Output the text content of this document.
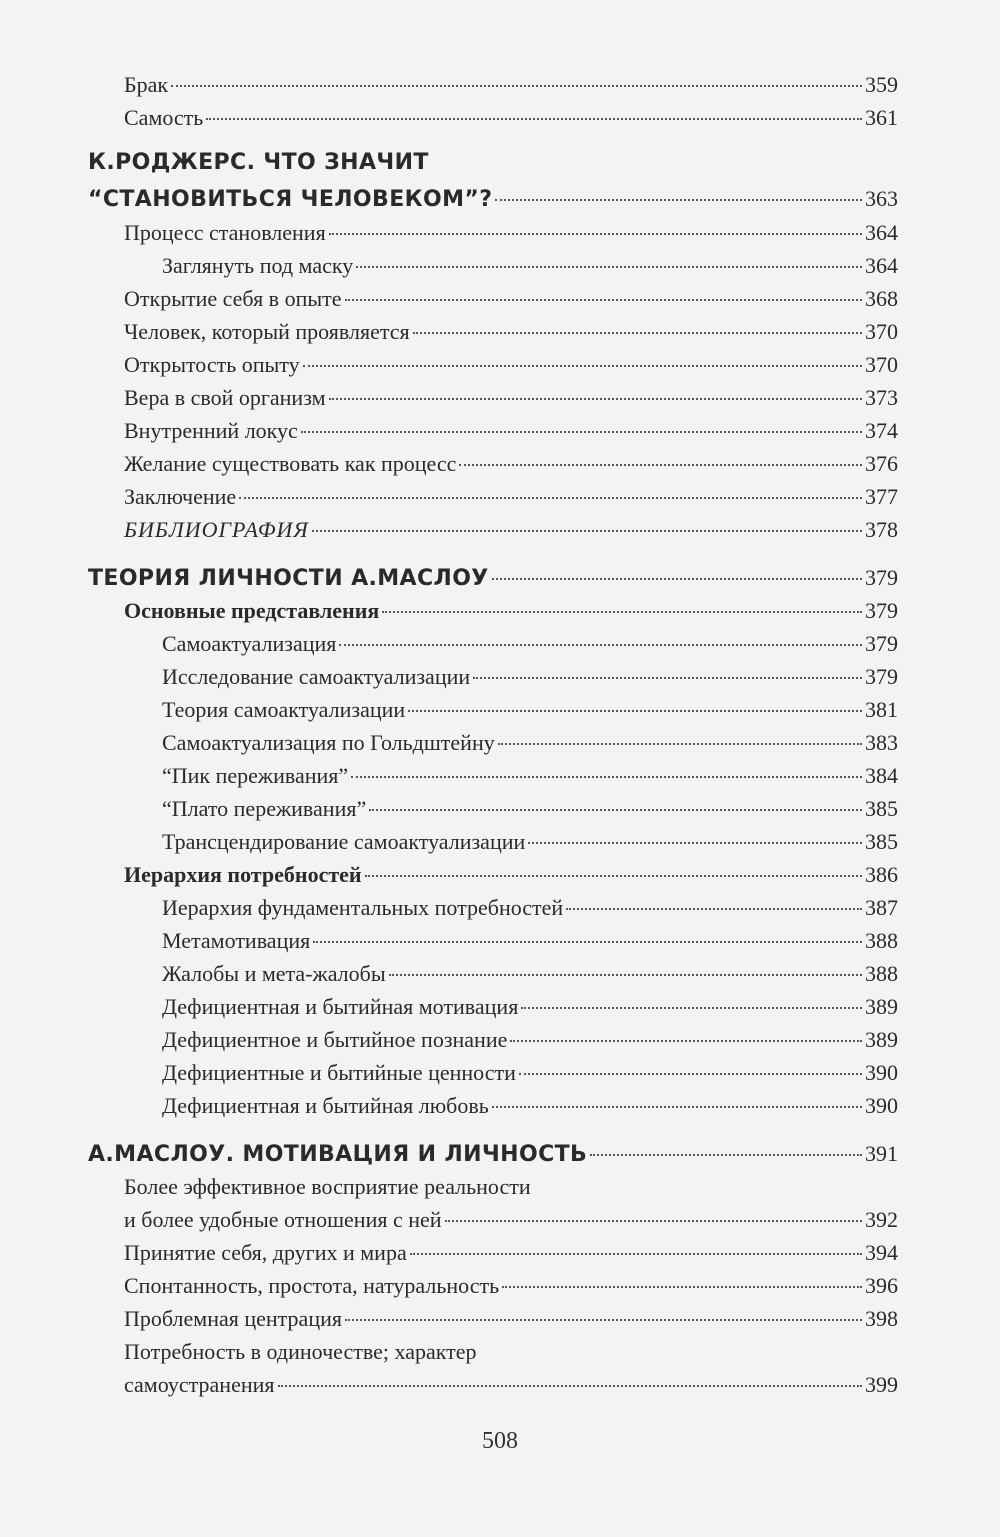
Брак	359
Самость	361
К.РОДЖЕРС. ЧТО ЗНАЧИТ
“СТАНОВИТЬСЯ ЧЕЛОВЕКОМ”?	363
Процесс становления	364
Заглянуть под маску	364
Открытие себя в опыте	368
Человек, который проявляется	370
Открытость опыту	370
Вера в свой организм	373
Внутренний локус	374
Желание существовать как процесс	376
Заключение	377
БИБЛИОГРАФИЯ	378
ТЕОРИЯ ЛИЧНОСТИ А.МАСЛОУ	379
Основные представления	379
Самоактуализация	379
Исследование самоактуализации	379
Теория самоактуализации	381
Самоактуализация по Гольдштейну	383
“Пик переживания”	384
“Плато переживания”	385
Трансцендирование самоактуализации	385
Иерархия потребностей	386
Иерархия фундаментальных потребностей	387
Метамотивация	388
Жалобы и мета-жалобы	388
Дефициентная и бытийная мотивация	389
Дефициентное и бытийное познание	389
Дефициентные и бытийные ценности	390
Дефициентная и бытийная любовь	390
А.МАСЛОУ. МОТИВАЦИЯ И ЛИЧНОСТЬ	391
Более эффективное восприятие реальности
и более удобные отношения с ней	392
Принятие себя, других и мира	394
Спонтанность, простота, натуральность	396
Проблемная центрация	398
Потребность в одиночестве; характер
самоустранения	399
508
